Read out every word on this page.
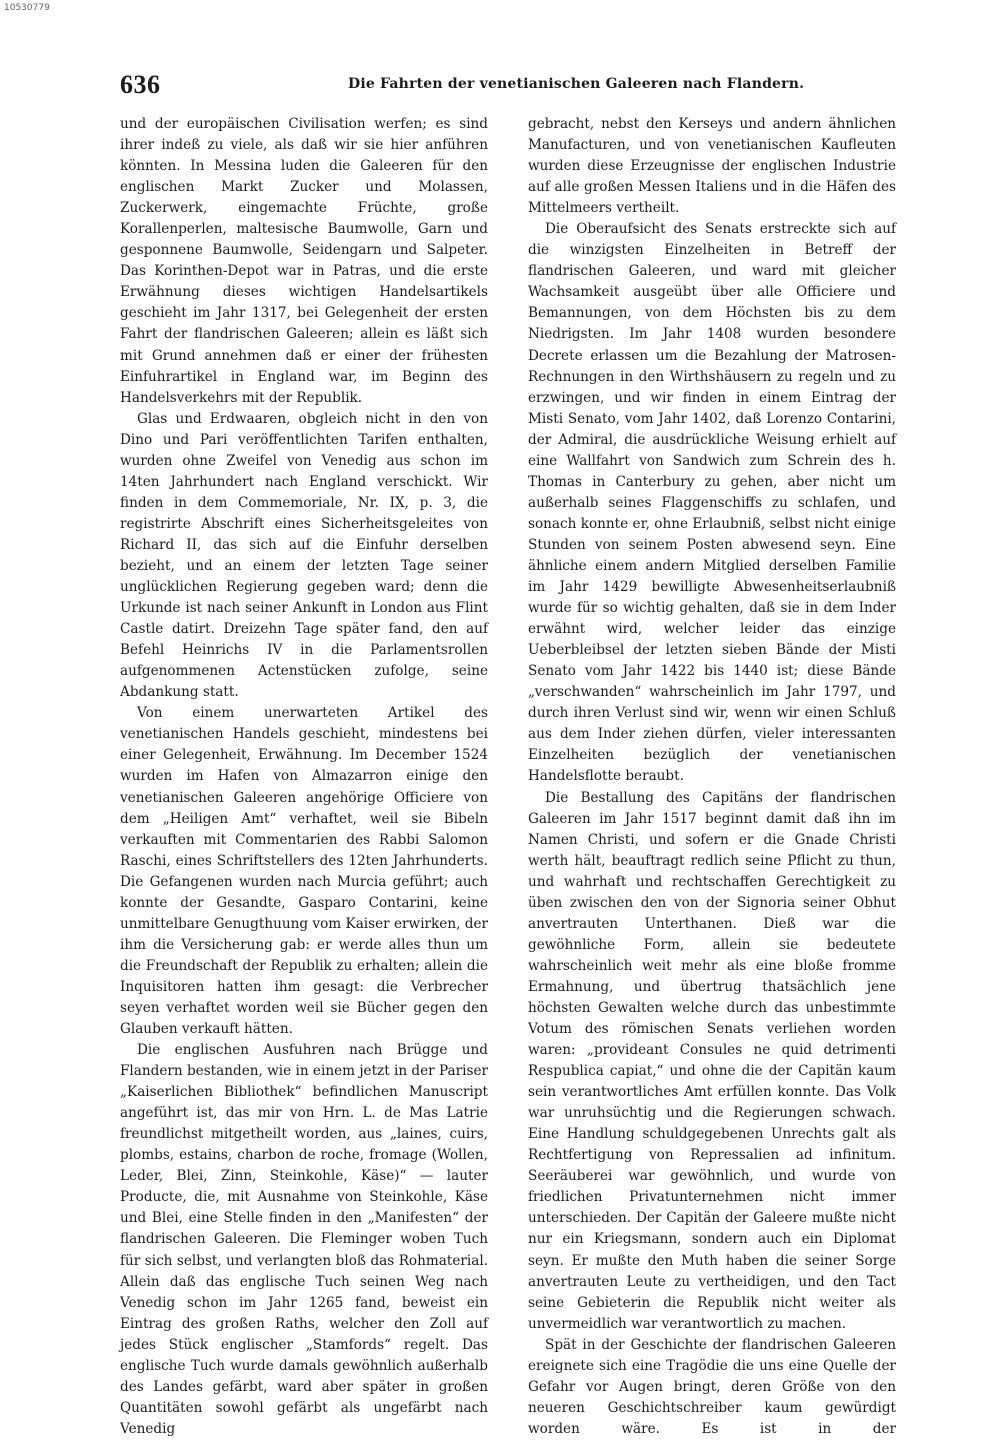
10530779
636	Die Fahrten der venetianischen Galeeren nach Flandern.

und der europäischen Civilisation werfen; es sind ihrer indeß zu viele, als daß wir sie hier anführen könnten. In Messina luden die Galeeren für den englischen Markt Zucker und Molassen, Zuckerwerk, eingemachte Früchte, große Korallenperlen, maltesische Baumwolle, Garn und gesponnene Baumwolle, Seidengarn und Salpeter. Das Korinthen-Depot war in Patras, und die erste Erwähnung dieses wichtigen Handelsartikels geschieht im Jahr 1317, bei Gelegenheit der ersten Fahrt der flandrischen Galeeren; allein es läßt sich mit Grund annehmen daß er einer der frühesten Einfuhrartikel in England war, im Beginn des Handelsverkehrs mit der Republik.

Glas und Erdwaaren, obgleich nicht in den von Dino und Pari veröffentlichten Tarifen enthalten, wurden ohne Zweifel von Venedig aus schon im 14ten Jahrhundert nach England verschickt. Wir finden in dem Commemoriale, Nr. IX, p. 3, die registrirte Abschrift eines Sicherheitsgeleites von Richard II, das sich auf die Einfuhr derselben bezieht, und an einem der letzten Tage seiner unglücklichen Regierung gegeben ward; denn die Urkunde ist nach seiner Ankunft in London aus Flint Castle datirt. Dreizehn Tage später fand, den auf Befehl Heinrichs IV in die Parlamentsrollen aufgenommenen Actenstücken zufolge, seine Abdankung statt.

Von einem unerwarteten Artikel des venetianischen Handels geschieht, mindestens bei einer Gelegenheit, Erwähnung. Im December 1524 wurden im Hafen von Almazarron einige den venetianischen Galeeren angehörige Officiere von dem „Heiligen Amt“ verhaftet, weil sie Bibeln verkauften mit Commentarien des Rabbi Salomon Raschi, eines Schriftstellers des 12ten Jahrhunderts. Die Gefangenen wurden nach Murcia geführt; auch konnte der Gesandte, Gasparo Contarini, keine unmittelbare Genugthuung vom Kaiser erwirken, der ihm die Versicherung gab: er werde alles thun um die Freundschaft der Republik zu erhalten; allein die Inquisitoren hatten ihm gesagt: die Verbrecher seyen verhaftet worden weil sie Bücher gegen den Glauben verkauft hätten.

Die englischen Ausfuhren nach Brügge und Flandern bestanden, wie in einem jetzt in der Pariser „Kaiserlichen Bibliothek“ befindlichen Manuscript angeführt ist, das mir von Hrn. L. de Mas Latrie freundlichst mitgetheilt worden, aus „laines, cuirs, plombs, estains, charbon de roche, fromage (Wollen, Leder, Blei, Zinn, Steinkohle, Käse)“ — lauter Producte, die, mit Ausnahme von Steinkohle, Käse und Blei, eine Stelle finden in den „Manifesten“ der flandrischen Galeeren. Die Fleminger woben Tuch für sich selbst, und verlangten bloß das Rohmaterial. Allein daß das englische Tuch seinen Weg nach Venedig schon im Jahr 1265 fand, beweist ein Eintrag des großen Raths, welcher den Zoll auf jedes Stück englischer „Stamfords“ regelt. Das englische Tuch wurde damals gewöhnlich außerhalb des Landes gefärbt, ward aber später in großen Quantitäten sowohl gefärbt als ungefärbt nach Venedig

gebracht, nebst den Kerseys und andern ähnlichen Manufacturen, und von venetianischen Kaufleuten wurden diese Erzeugnisse der englischen Industrie auf alle großen Messen Italiens und in die Häfen des Mittelmeers vertheilt.

Die Oberaufsicht des Senats erstreckte sich auf die winzigsten Einzelheiten in Betreff der flandrischen Galeeren, und ward mit gleicher Wachsamkeit ausgeübt über alle Officiere und Bemannungen, von dem Höchsten bis zu dem Niedrigsten. Im Jahr 1408 wurden besondere Decrete erlassen um die Bezahlung der Matrosen-Rechnungen in den Wirthshäusern zu regeln und zu erzwingen, und wir finden in einem Eintrag der Misti Senato, vom Jahr 1402, daß Lorenzo Contarini, der Admiral, die ausdrückliche Weisung erhielt auf eine Wallfahrt von Sandwich zum Schrein des h. Thomas in Canterbury zu gehen, aber nicht um außerhalb seines Flaggenschiffs zu schlafen, und sonach konnte er, ohne Erlaubniß, selbst nicht einige Stunden von seinem Posten abwesend seyn. Eine ähnliche einem andern Mitglied derselben Familie im Jahr 1429 bewilligte Abwesenheitserlaubniß wurde für so wichtig gehalten, daß sie in dem Inder erwähnt wird, welcher leider das einzige Ueberbleibsel der letzten sieben Bände der Misti Senato vom Jahr 1422 bis 1440 ist; diese Bände „verschwanden“ wahrscheinlich im Jahr 1797, und durch ihren Verlust sind wir, wenn wir einen Schluß aus dem Inder ziehen dürfen, vieler interessanten Einzelheiten bezüglich der venetianischen Handelsflotte beraubt.

Die Bestallung des Capitäns der flandrischen Galeeren im Jahr 1517 beginnt damit daß ihn im Namen Christi, und sofern er die Gnade Christi werth hält, beauftragt redlich seine Pflicht zu thun, und wahrhaft und rechtschaffen Gerechtigkeit zu üben zwischen den von der Signoria seiner Obhut anvertrauten Unterthanen. Dieß war die gewöhnliche Form, allein sie bedeutete wahrscheinlich weit mehr als eine bloße fromme Ermahnung, und übertrug thatsächlich jene höchsten Gewalten welche durch das unbestimmte Votum des römischen Senats verliehen worden waren: „provideant Consules ne quid detrimenti Respublica capiat,“ und ohne die der Capitän kaum sein verantwortliches Amt erfüllen konnte. Das Volk war unruhsüchtig und die Regierungen schwach. Eine Handlung schuldgegebenen Unrechts galt als Rechtfertigung von Repressalien ad infinitum. Seeräuberei war gewöhnlich, und wurde von friedlichen Privatunternehmen nicht immer unterschieden. Der Capitän der Galeere mußte nicht nur ein Kriegsmann, sondern auch ein Diplomat seyn. Er mußte den Muth haben die seiner Sorge anvertrauten Leute zu vertheidigen, und den Tact seine Gebieterin die Republik nicht weiter als unvermeidlich war verantwortlich zu machen.

Spät in der Geschichte der flandrischen Galeeren ereignete sich eine Tragödie die uns eine Quelle der Gefahr vor Augen bringt, deren Größe von den neueren Geschichtschreiber kaum gewürdigt worden wäre. Es ist in der
